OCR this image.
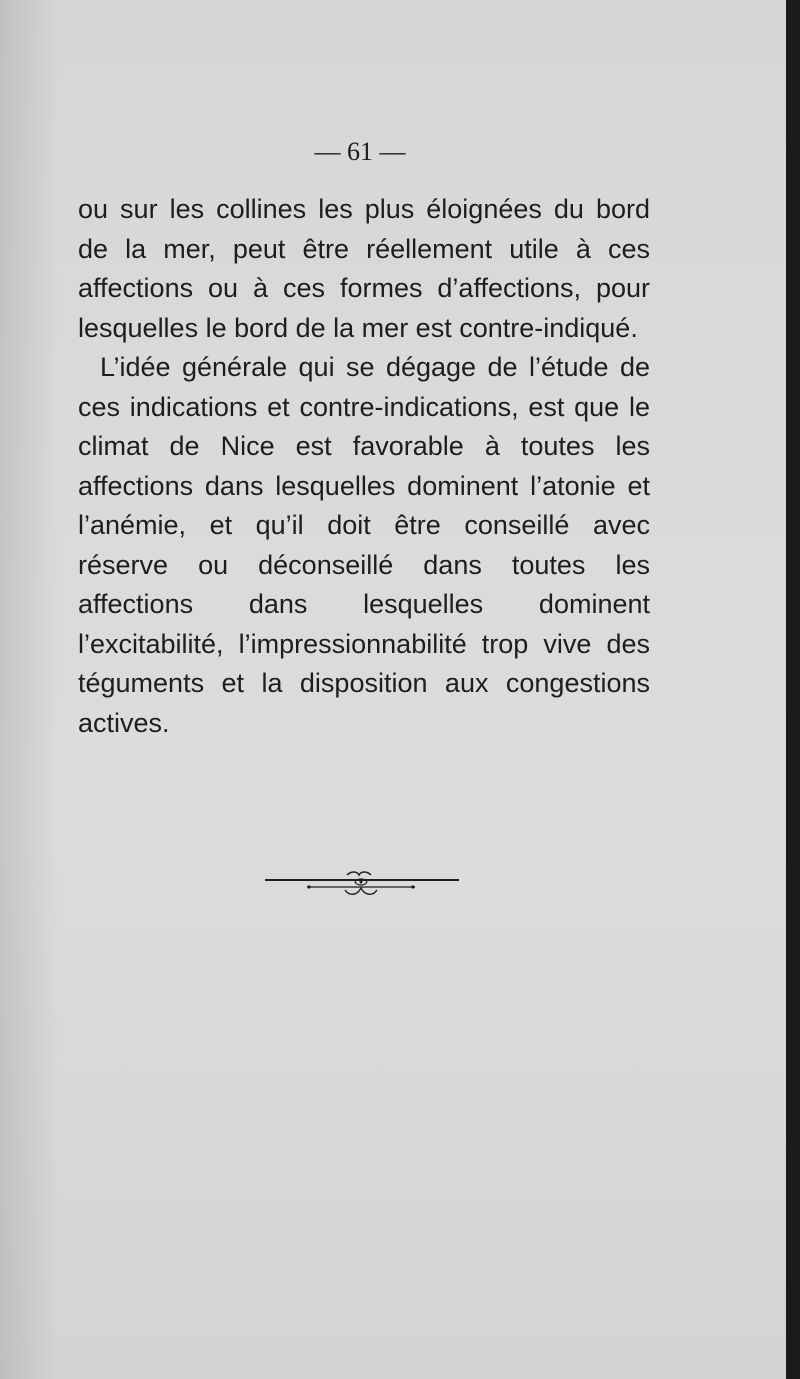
— 61 —

ou sur les collines les plus éloignées du bord de la mer, peut être réellement utile à ces affections ou à ces formes d’affections, pour lesquelles le bord de la mer est contre-indiqué.

L’idée générale qui se dégage de l’étude de ces indications et contre-indications, est que le climat de Nice est favorable à toutes les affections dans lesquelles dominent l’atonie et l’anémie, et qu’il doit être conseillé avec réserve ou déconseillé dans toutes les affections dans lesquelles dominent l’excitabilité, l’impressionnabilité trop vive des téguments et la disposition aux congestions actives.
